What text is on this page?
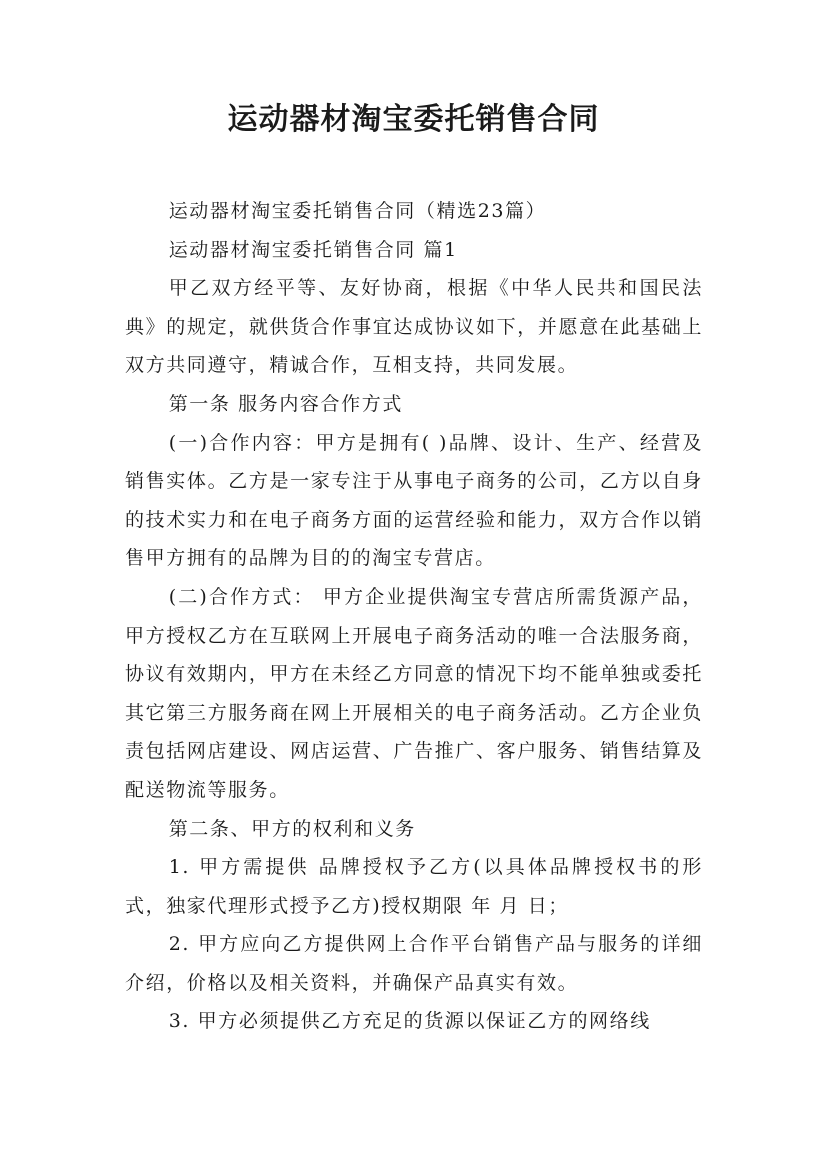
运动器材淘宝委托销售合同

运动器材淘宝委托销售合同（精选23篇）

运动器材淘宝委托销售合同 篇1

甲乙双方经平等、友好协商，根据《中华人民共和国民法典》的规定，就供货合作事宜达成协议如下，并愿意在此基础上双方共同遵守，精诚合作，互相支持，共同发展。

第一条 服务内容合作方式

(一)合作内容：甲方是拥有( )品牌、设计、生产、经营及销售实体。乙方是一家专注于从事电子商务的公司，乙方以自身的技术实力和在电子商务方面的运营经验和能力，双方合作以销售甲方拥有的品牌为目的的淘宝专营店。

(二)合作方式： 甲方企业提供淘宝专营店所需货源产品，甲方授权乙方在互联网上开展电子商务活动的唯一合法服务商，协议有效期内，甲方在未经乙方同意的情况下均不能单独或委托其它第三方服务商在网上开展相关的电子商务活动。乙方企业负责包括网店建设、网店运营、广告推广、客户服务、销售结算及配送物流等服务。

第二条、甲方的权利和义务

1. 甲方需提供 品牌授权予乙方(以具体品牌授权书的形式，独家代理形式授予乙方)授权期限 年 月 日；

2. 甲方应向乙方提供网上合作平台销售产品与服务的详细介绍，价格以及相关资料，并确保产品真实有效。

3. 甲方必须提供乙方充足的货源以保证乙方的网络线
